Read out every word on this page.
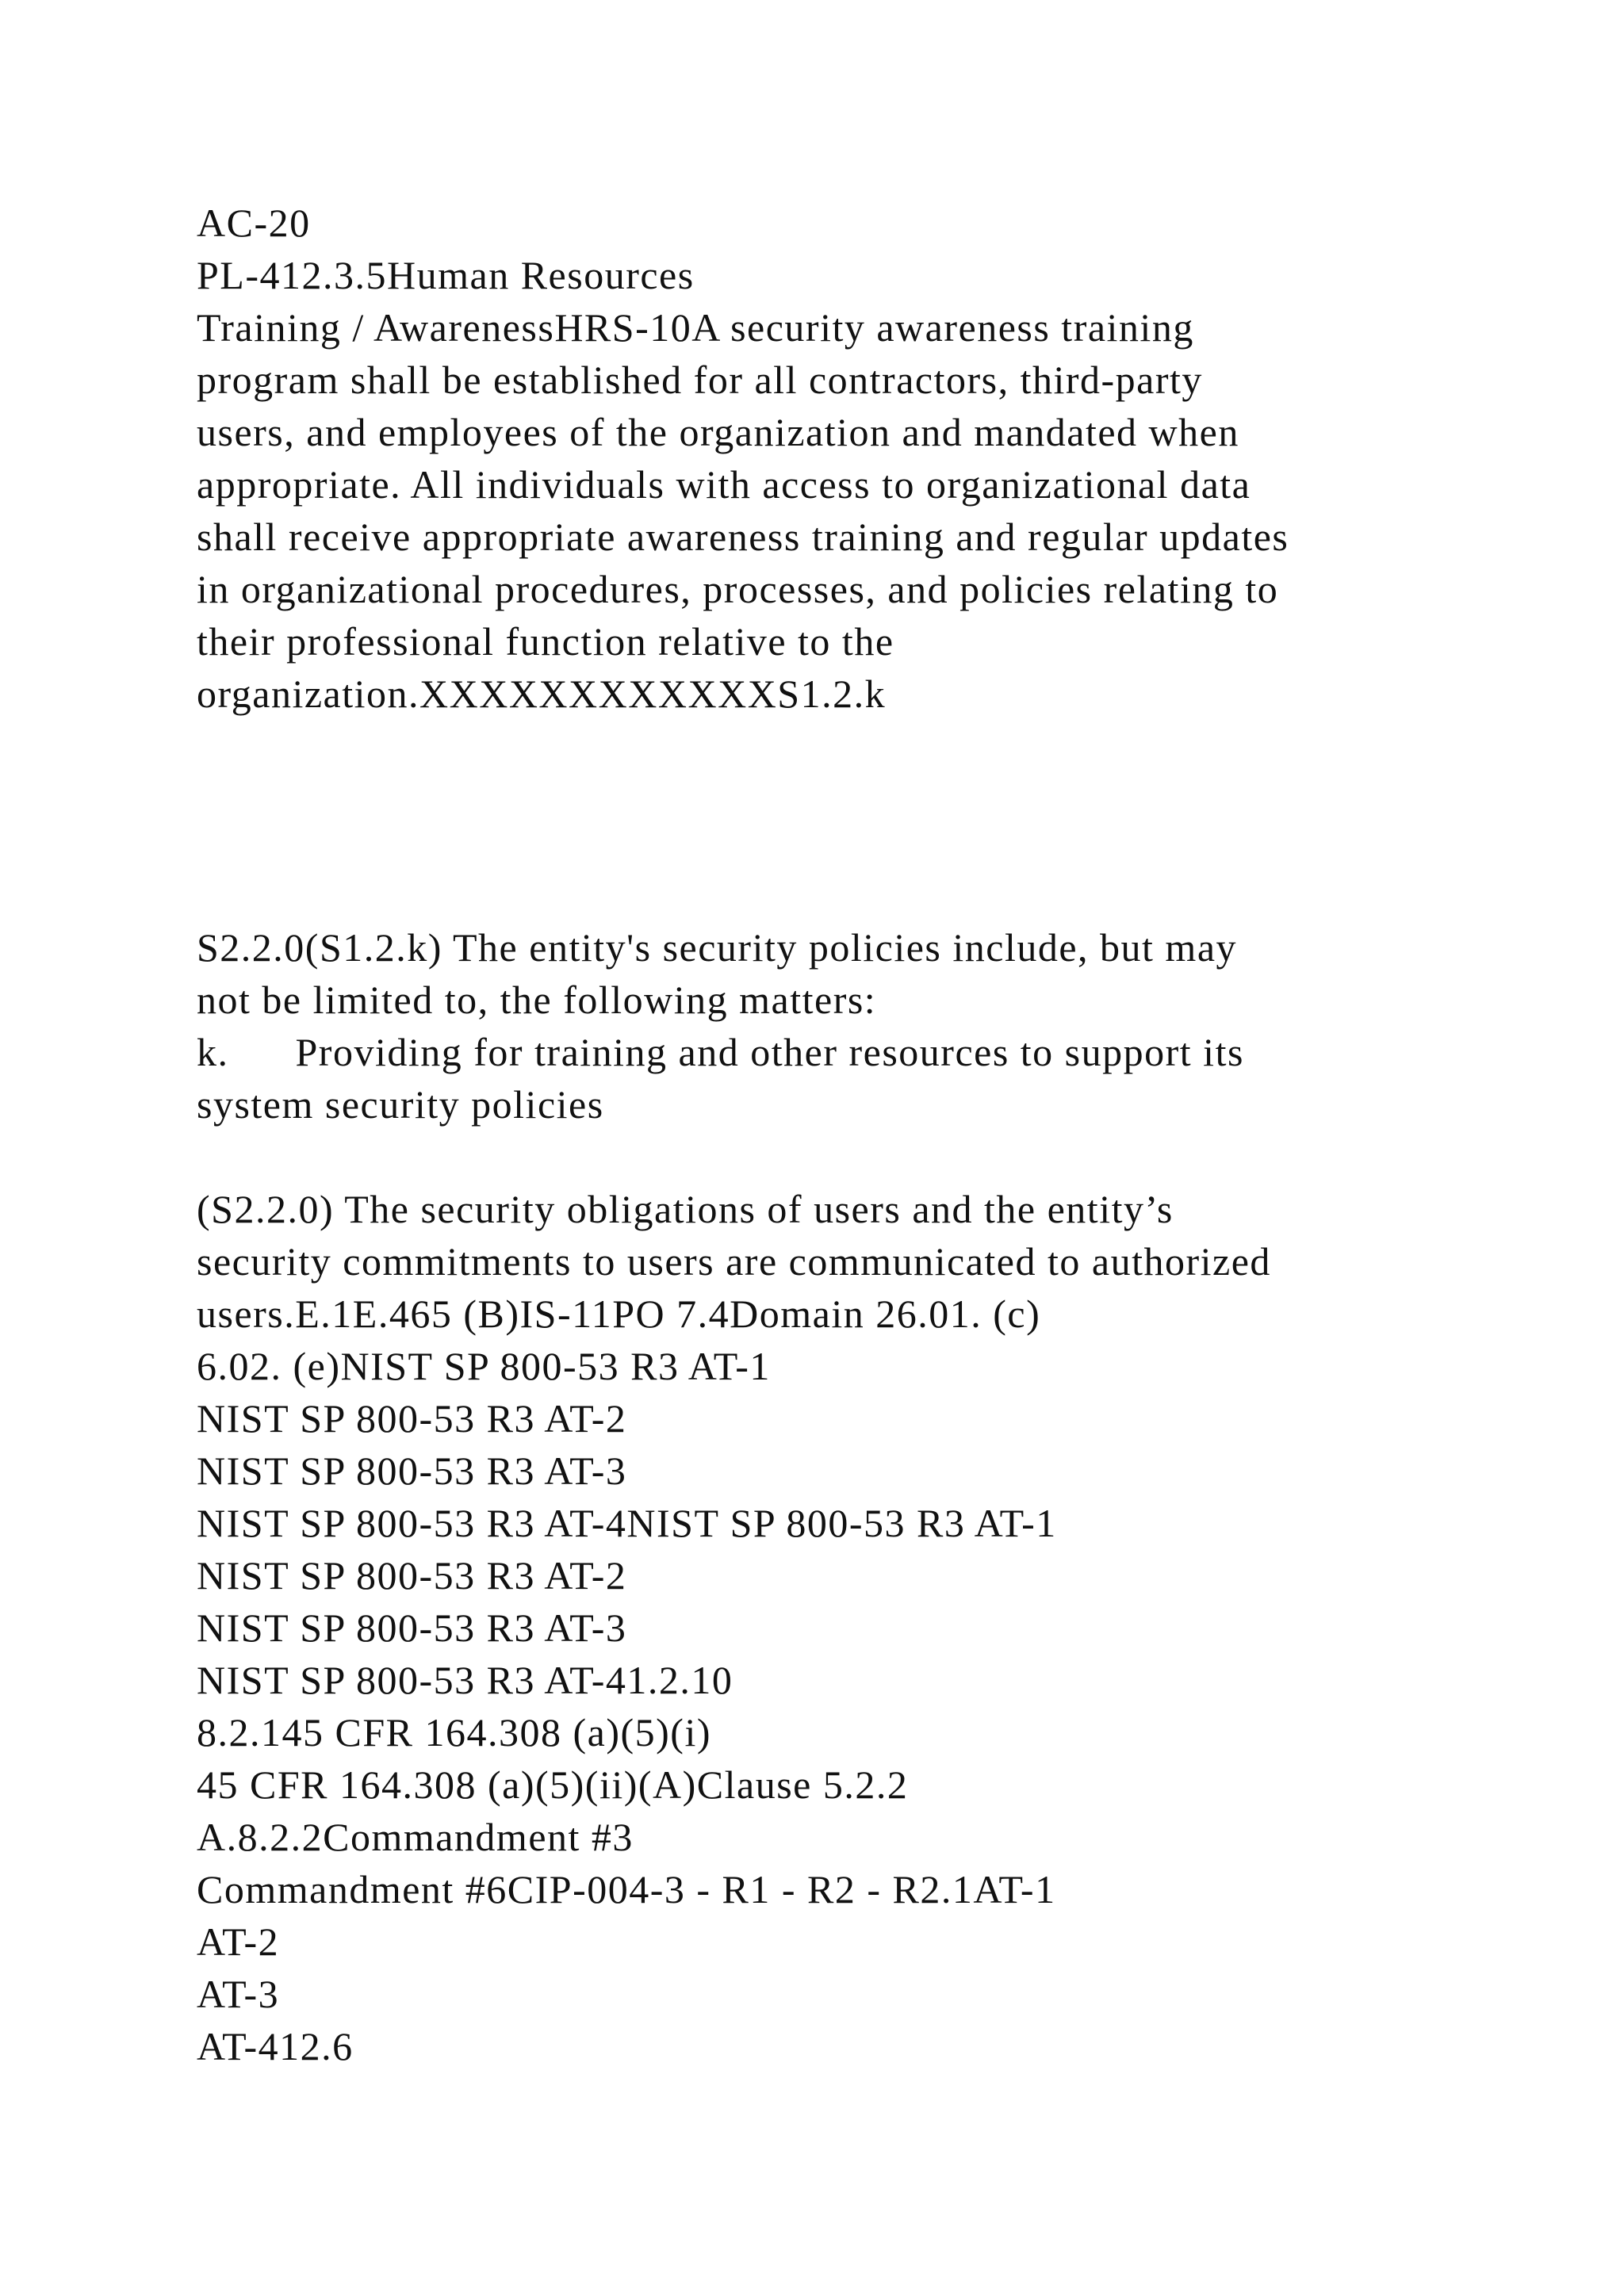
AC-20
PL-412.3.5Human Resources
Training / AwarenessHRS-10A security awareness training
program shall be established for all contractors, third-party
users, and employees of the organization and mandated when
appropriate. All individuals with access to organizational data
shall receive appropriate awareness training and regular updates
in organizational procedures, processes, and policies relating to
their professional function relative to the
organization.XXXXXXXXXXXXS1.2.k
S2.2.0(S1.2.k) The entity's security policies include, but may
not be limited to, the following matters:
k.      Providing for training and other resources to support its
system security policies
(S2.2.0) The security obligations of users and the entity’s
security commitments to users are communicated to authorized
users.E.1E.465 (B)IS-11PO 7.4Domain 26.01. (c)
6.02. (e)NIST SP 800-53 R3 AT-1
NIST SP 800-53 R3 AT-2
NIST SP 800-53 R3 AT-3
NIST SP 800-53 R3 AT-4NIST SP 800-53 R3 AT-1
NIST SP 800-53 R3 AT-2
NIST SP 800-53 R3 AT-3
NIST SP 800-53 R3 AT-41.2.10
8.2.145 CFR 164.308 (a)(5)(i)
45 CFR 164.308 (a)(5)(ii)(A)Clause 5.2.2
A.8.2.2Commandment #3
Commandment #6CIP-004-3 - R1 - R2 - R2.1AT-1
AT-2
AT-3
AT-412.6
